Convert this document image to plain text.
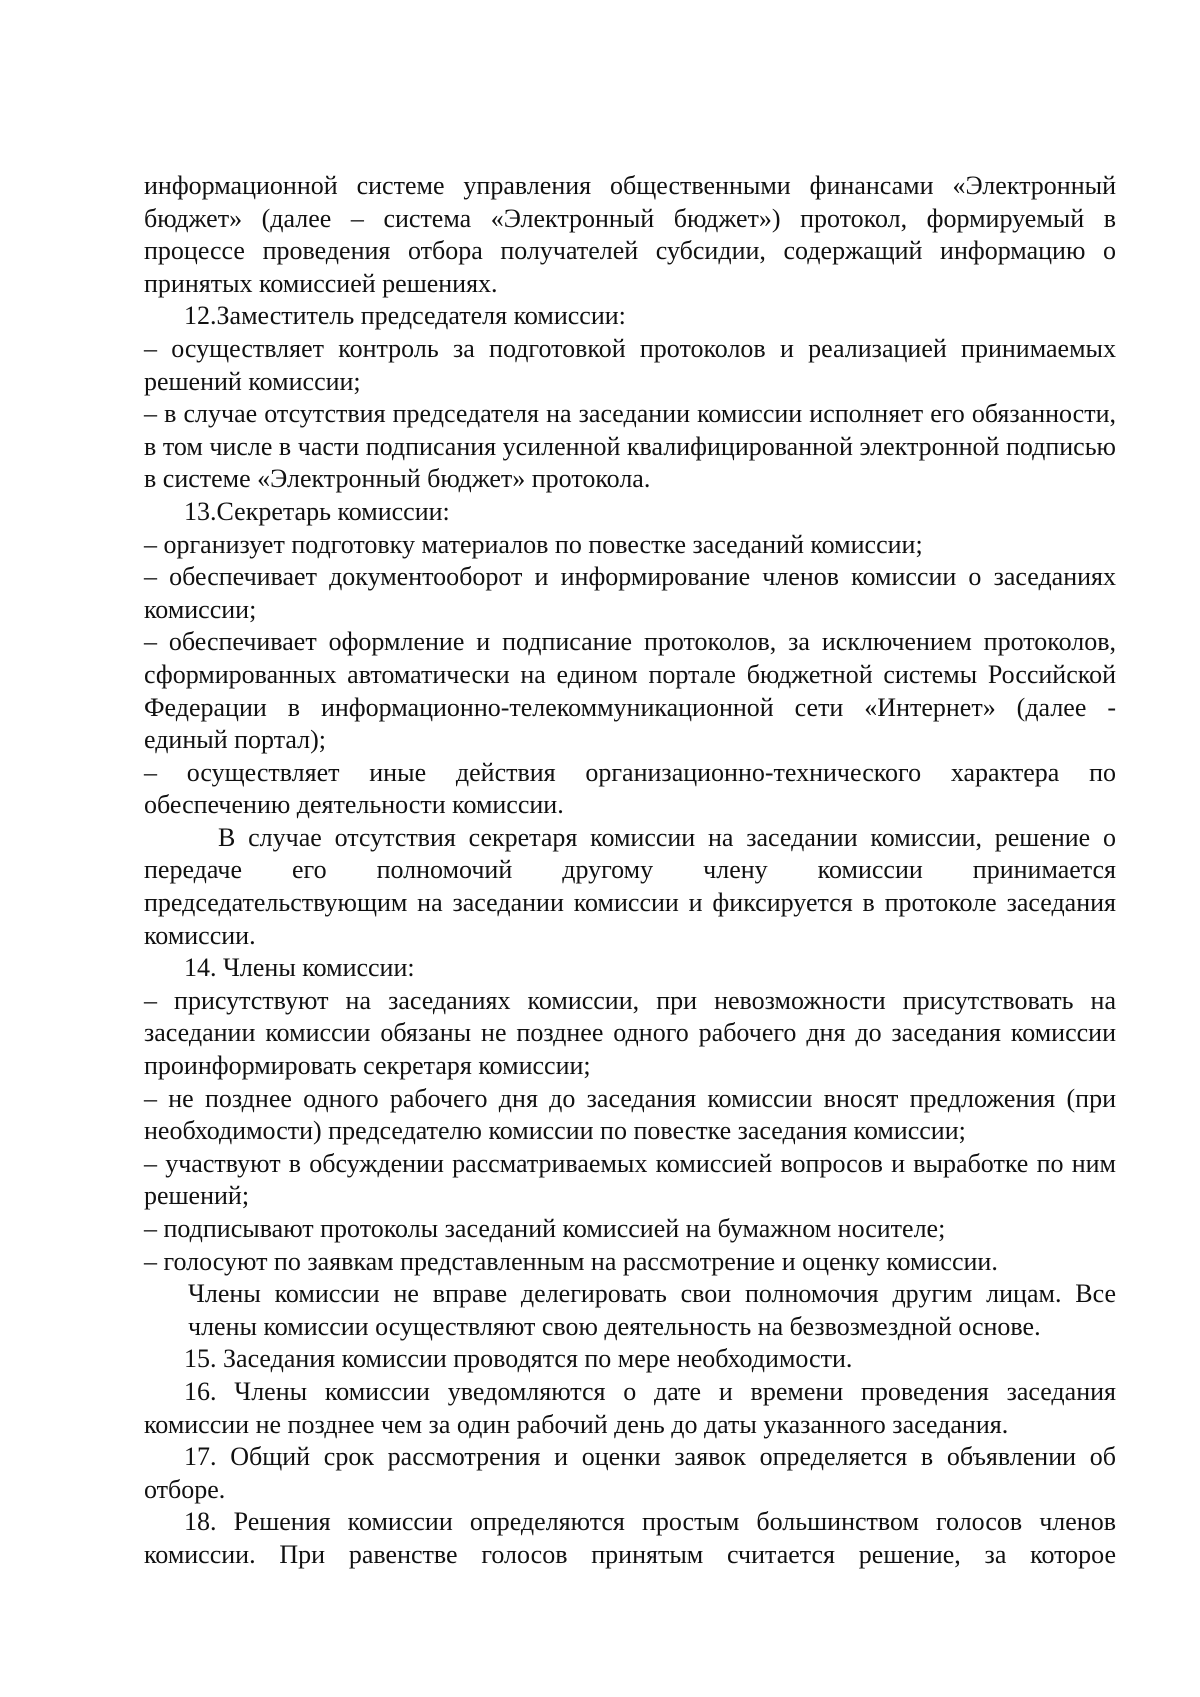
информационной системе управления общественными финансами «Электронный бюджет» (далее – система «Электронный бюджет») протокол, формируемый в процессе проведения отбора получателей субсидии, содержащий информацию о принятых комиссией решениях.

12.Заместитель председателя комиссии:

– осуществляет контроль за подготовкой протоколов и реализацией принимаемых решений комиссии;

– в случае отсутствия председателя на заседании комиссии исполняет его обязанности, в том числе в части подписания усиленной квалифицированной электронной подписью в системе «Электронный бюджет» протокола.

13.Секретарь комиссии:

– организует подготовку материалов по повестке заседаний комиссии;

– обеспечивает документооборот и информирование членов комиссии о заседаниях комиссии;

– обеспечивает оформление и подписание протоколов, за исключением протоколов, сформированных автоматически на едином портале бюджетной системы Российской Федерации в информационно-телекоммуникационной сети «Интернет» (далее - единый портал);

– осуществляет иные действия организационно-технического характера по обеспечению деятельности комиссии.

В случае отсутствия секретаря комиссии на заседании комиссии, решение о передаче его полномочий другому члену комиссии принимается председательствующим на заседании комиссии и фиксируется в протоколе заседания комиссии.

14. Члены комиссии:

– присутствуют на заседаниях комиссии, при невозможности присутствовать на заседании комиссии обязаны не позднее одного рабочего дня до заседания комиссии проинформировать секретаря комиссии;

– не позднее одного рабочего дня до заседания комиссии вносят предложения (при необходимости) председателю комиссии по повестке заседания комиссии;

– участвуют в обсуждении рассматриваемых комиссией вопросов и выработке по ним решений;

– подписывают протоколы заседаний комиссией на бумажном носителе;

– голосуют по заявкам представленным на рассмотрение и оценку комиссии.

Члены комиссии не вправе делегировать свои полномочия другим лицам. Все члены комиссии осуществляют свою деятельность на безвозмездной основе.

15. Заседания комиссии проводятся по мере необходимости.

16. Члены комиссии уведомляются о дате и времени проведения заседания комиссии не позднее чем за один рабочий день до даты указанного заседания.

17. Общий срок рассмотрения и оценки заявок определяется в объявлении об отборе.

18. Решения комиссии определяются простым большинством голосов членов комиссии. При равенстве голосов принятым считается решение, за которое
